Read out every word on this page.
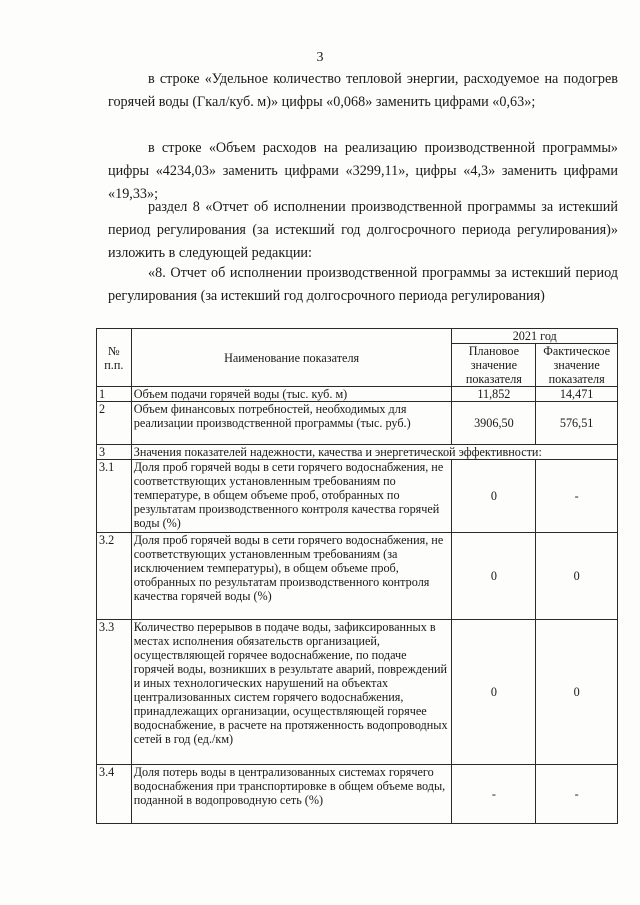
3
в строке «Удельное количество тепловой энергии, расходуемое на подогрев горячей воды (Гкал/куб. м)» цифры «0,068» заменить цифрами «0,63»;
в строке «Объем расходов на реализацию производственной программы» цифры «4234,03» заменить цифрами «3299,11», цифры «4,3» заменить цифрами «19,33»;
раздел 8 «Отчет об исполнении производственной программы за истекший период регулирования (за истекший год долгосрочного периода регулирования)» изложить в следующей редакции:
«8. Отчет об исполнении производственной программы за истекший период регулирования (за истекший год долгосрочного периода регулирования)
№ п.п.	Наименование показателя	2021 год	
		Плановое значение показателя	Фактическое значение показателя
1	Объем подачи горячей воды (тыс. куб. м)	11,852	14,471
2	Объем финансовых потребностей, необходимых для реализации производственной программы (тыс. руб.)	3906,50	576,51
3	Значения показателей надежности, качества и энергетической эффективности:		
3.1	Доля проб горячей воды в сети горячего водоснабжения, не соответствующих установленным требованиям по температуре, в общем объеме проб, отобранных по результатам производственного контроля качества горячей воды (%)	0	-
3.2	Доля проб горячей воды в сети горячего водоснабжения, не соответствующих установленным требованиям (за исключением температуры), в общем объеме проб, отобранных по результатам производственного контроля качества горячей воды (%)	0	0
3.3	Количество перерывов в подаче воды, зафиксированных в местах исполнения обязательств организацией, осуществляющей горячее водоснабжение, по подаче горячей воды, возникших в результате аварий, повреждений и иных технологических нарушений на объектах централизованных систем горячего водоснабжения, принадлежащих организации, осуществляющей горячее водоснабжение, в расчете на протяженность водопроводных сетей в год (ед./км)	0	0
3.4	Доля потерь воды в централизованных системах горячего водоснабжения при транспортировке в общем объеме воды, поданной в водопроводную сеть (%)	-	-
